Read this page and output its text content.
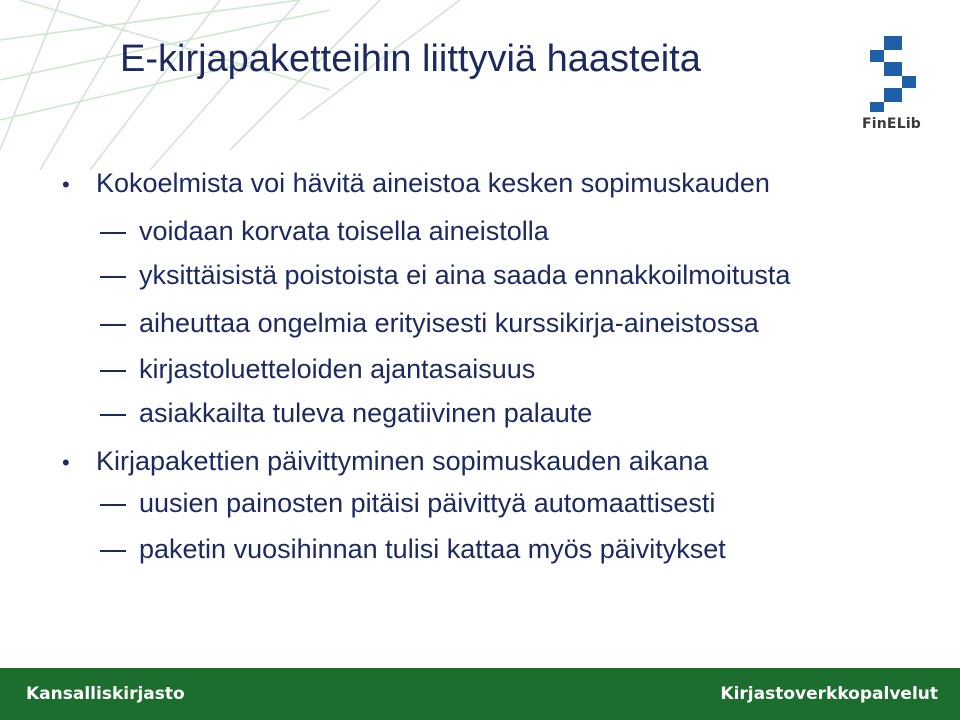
E-kirjapaketteihin liittyviä haasteita
FinELib
• Kokoelmista voi hävitä aineistoa kesken sopimuskauden
voidaan korvata toisella aineistolla
yksittäisistä poistoista ei aina saada ennakkoilmoitusta
aiheuttaa ongelmia erityisesti kurssikirja-aineistossa
kirjastoluetteloiden ajantasaisuus
asiakkailta tuleva negatiivinen palaute
• Kirjapakettien päivittyminen sopimuskauden aikana
uusien painosten pitäisi päivittyä automaattisesti
paketin vuosihinnan tulisi kattaa myös päivitykset
Kansalliskirjasto	Kirjastoverkkopalvelut
